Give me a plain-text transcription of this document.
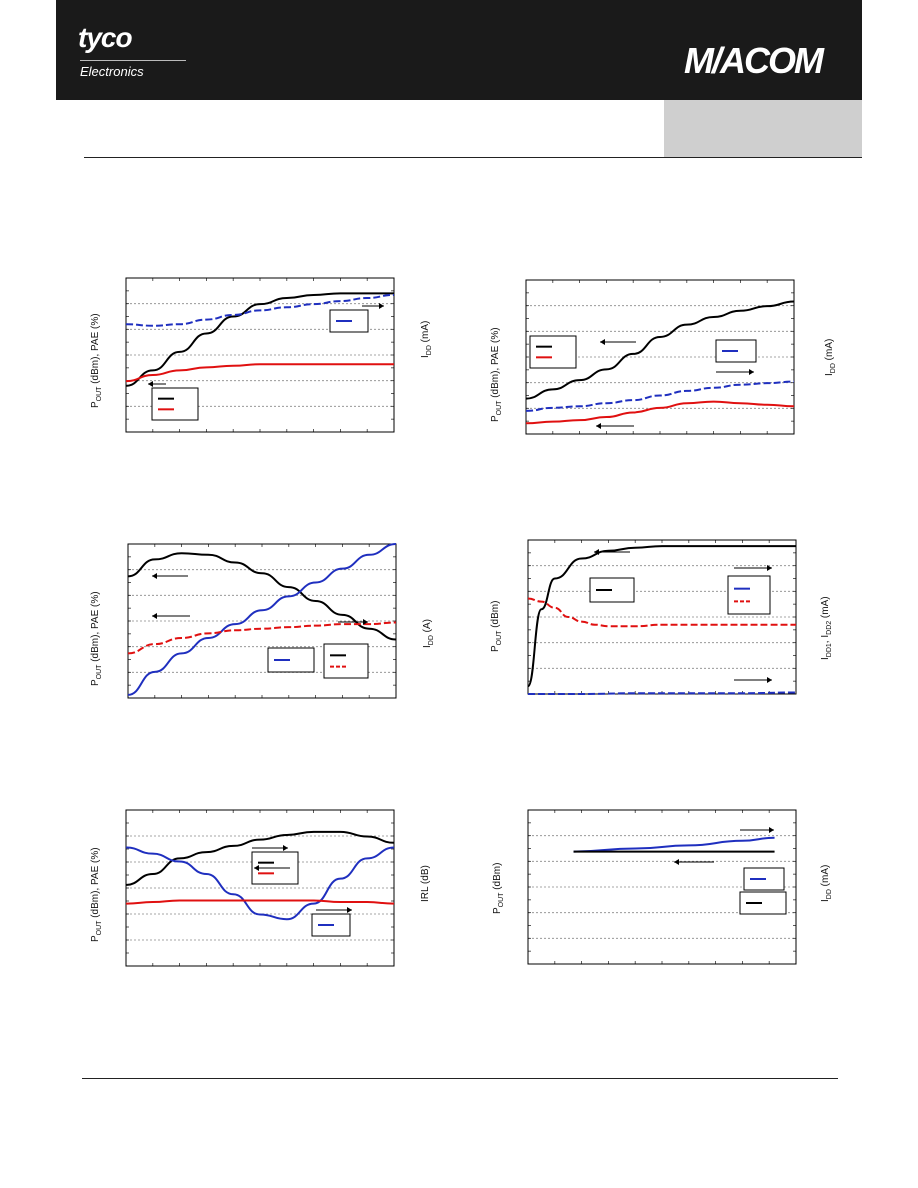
tyco
Electronics	M/ACOM
$P_{OUT}$ (dBm), PAE (%)	$I_{DD}$ (mA)
$P_{OUT}$ (dBm), PAE (%)	$I_{DD}$ (mA)
$P_{OUT}$ (dBm), PAE (%)	$I_{DD}$ (A)
$P_{OUT}$ (dBm)
$I_{DD1}$, $I_{DD2}$ (mA)
$P_{OUT}$ (dBm), PAE (%)	IRL (dB)
$P_{OUT}$ (dBm)
$I_{DD}$ (mA)
